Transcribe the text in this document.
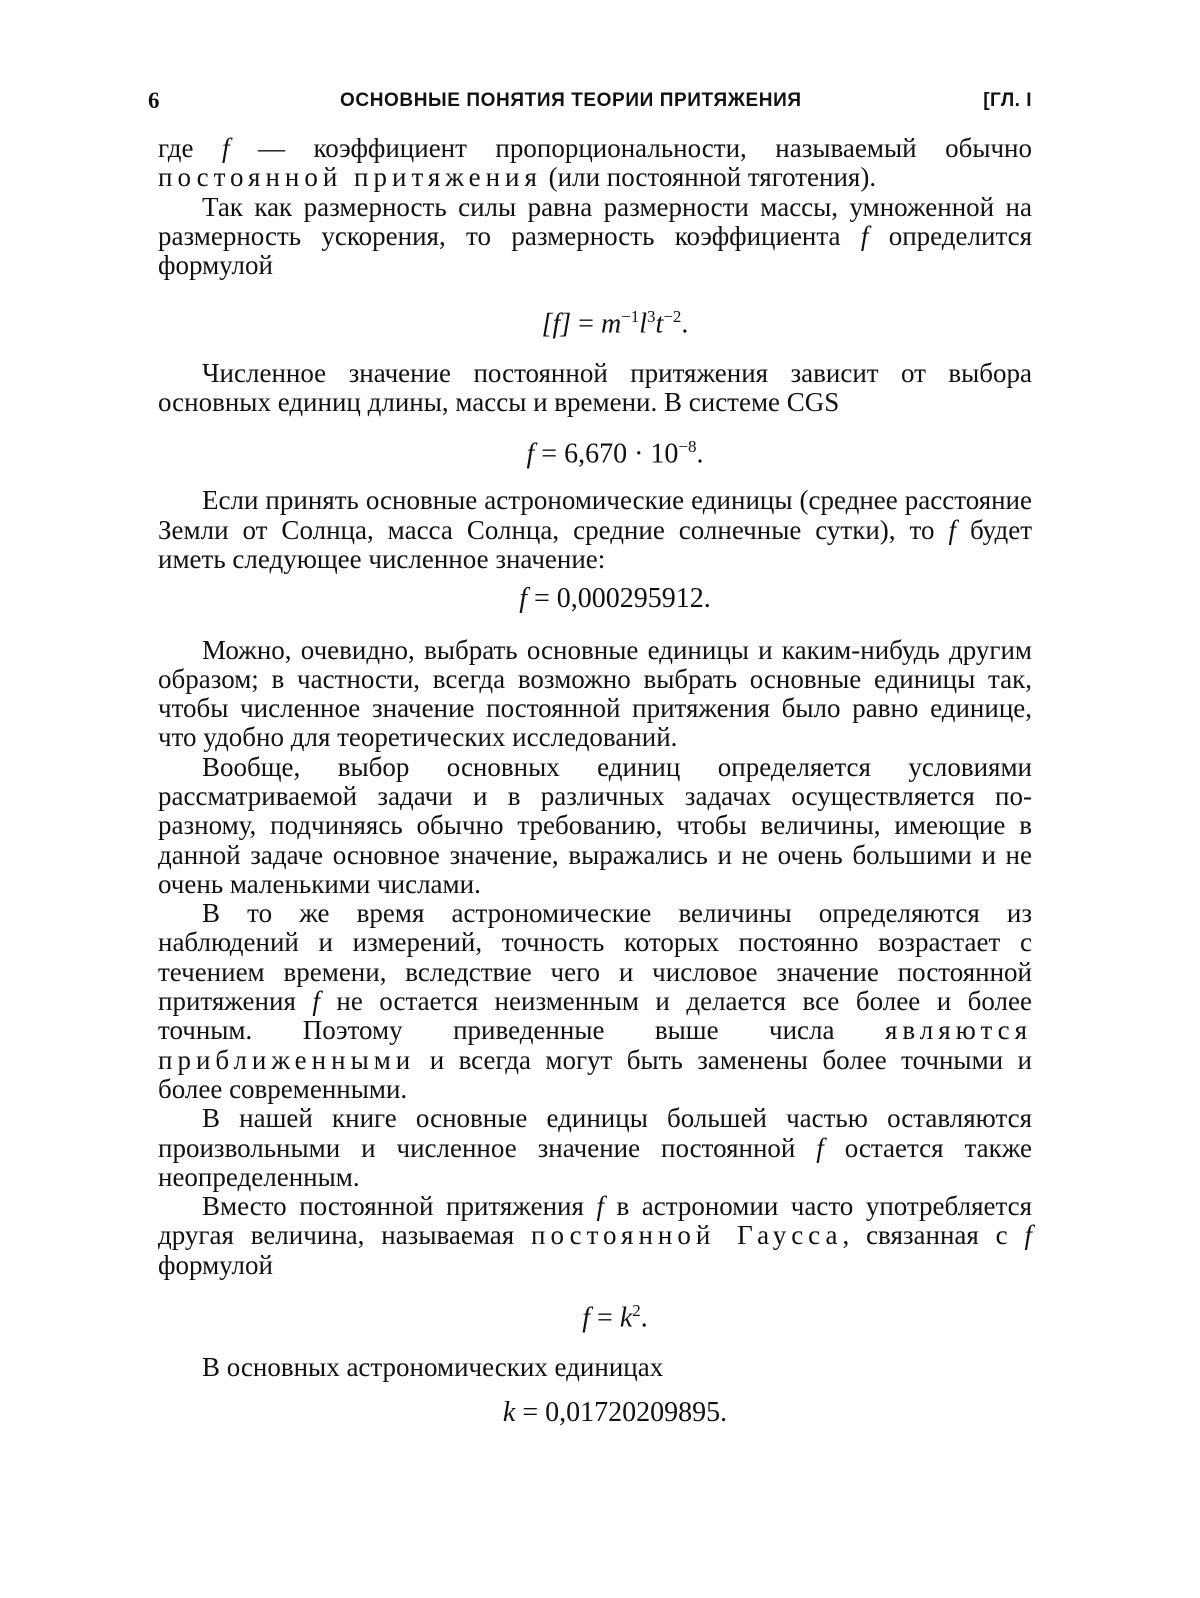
6	ОСНОВНЫЕ ПОНЯТИЯ ТЕОРИИ ПРИТЯЖЕНИЯ	[ГЛ. I

где f — коэффициент пропорциональности, называемый обычно постоянной притяжения (или постоянной тяготения).

Так как размерность силы равна размерности массы, умноженной на размерность ускорения, то размерность коэффициента f определится формулой

$[f] = m^{-1}l^3t^{-2}$.

Численное значение постоянной притяжения зависит от выбора основных единиц длины, массы и времени. В системе CGS

$f = 6,670 \cdot 10^{-8}$.

Если принять основные астрономические единицы (среднее расстояние Земли от Солнца, масса Солнца, средние солнечные сутки), то f будет иметь следующее численное значение:

f = 0,000295912.

Можно, очевидно, выбрать основные единицы и каким-нибудь другим образом; в частности, всегда возможно выбрать основные единицы так, чтобы численное значение постоянной притяжения было равно единице, что удобно для теоретических исследований.

Вообще, выбор основных единиц определяется условиями рассматриваемой задачи и в различных задачах осуществляется по-разному, подчиняясь обычно требованию, чтобы величины, имеющие в данной задаче основное значение, выражались и не очень большими и не очень маленькими числами.

В то же время астрономические величины определяются из наблюдений и измерений, точность которых постоянно возрастает с течением времени, вследствие чего и числовое значение постоянной притяжения f не остается неизменным и делается все более и более точным. Поэтому приведенные выше числа являются приближенными и всегда могут быть заменены более точными и более современными.

В нашей книге основные единицы большей частью оставляются произвольными и численное значение постоянной f остается также неопределенным.

Вместо постоянной притяжения f в астрономии часто употребляется другая величина, называемая постоянной Гаусса, связанная с f формулой

$f = k^2$.

В основных астрономических единицах

k = 0,01720209895.
